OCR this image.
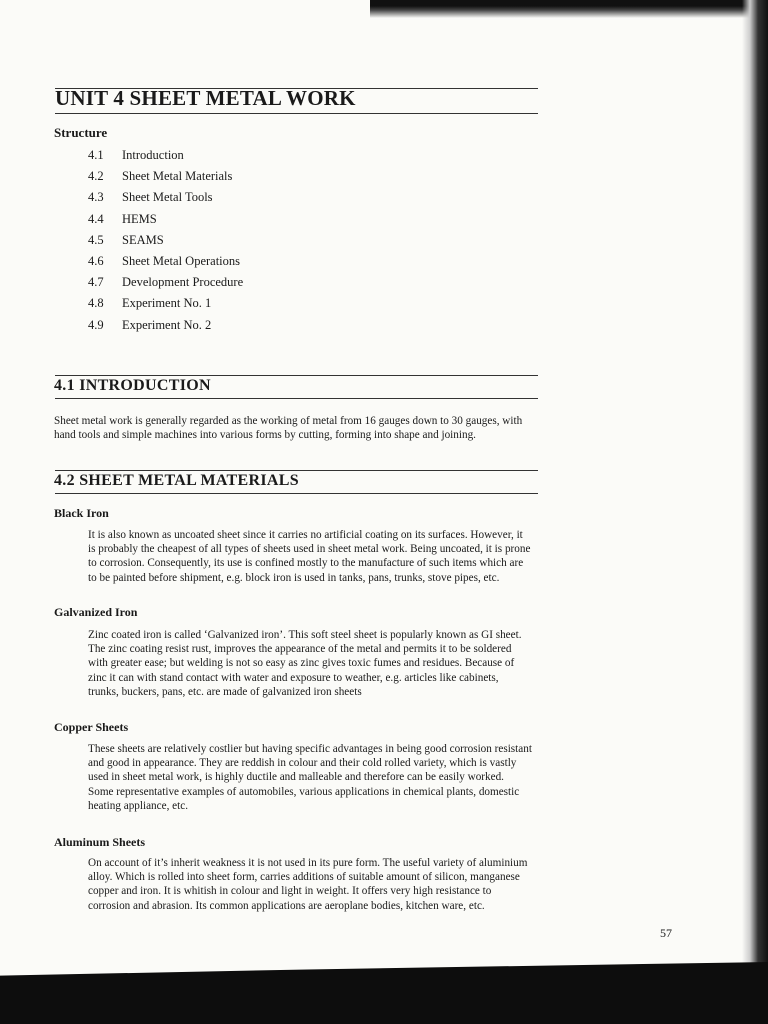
UNIT 4 SHEET METAL WORK
Structure
4.1	Introduction
4.2	Sheet Metal Materials
4.3	Sheet Metal Tools
4.4	HEMS
4.5	SEAMS
4.6	Sheet Metal Operations
4.7	Development Procedure
4.8	Experiment No. 1
4.9	Experiment No. 2
4.1 INTRODUCTION
Sheet metal work is generally regarded as the working of metal from 16 gauges down to 30 gauges, with hand tools and simple machines into various forms by cutting, forming into shape and joining.
4.2 SHEET METAL MATERIALS
Black Iron
It is also known as uncoated sheet since it carries no artificial coating on its surfaces. However, it is probably the cheapest of all types of sheets used in sheet metal work. Being uncoated, it is prone to corrosion. Consequently, its use is confined mostly to the manufacture of such items which are to be painted before shipment, e.g. block iron is used in tanks, pans, trunks, stove pipes, etc.
Galvanized Iron
Zinc coated iron is called ‘Galvanized iron’. This soft steel sheet is popularly known as GI sheet. The zinc coating resist rust, improves the appearance of the metal and permits it to be soldered with greater ease; but welding is not so easy as zinc gives toxic fumes and residues. Because of zinc it can with stand contact with water and exposure to weather, e.g. articles like cabinets, trunks, buckers, pans, etc. are made of galvanized iron sheets
Copper Sheets
These sheets are relatively costlier but having specific advantages in being good corrosion resistant and good in appearance. They are reddish in colour and their cold rolled variety, which is vastly used in sheet metal work, is highly ductile and malleable and therefore can be easily worked. Some representative examples of automobiles, various applications in chemical plants, domestic heating appliance, etc.
Aluminum Sheets
On account of it’s inherit weakness it is not used in its pure form. The useful variety of aluminium alloy. Which is rolled into sheet form, carries additions of suitable amount of silicon, manganese copper and iron. It is whitish in colour and light in weight. It offers very high resistance to corrosion and abrasion. Its common applications are aeroplane bodies, kitchen ware, etc.
57
